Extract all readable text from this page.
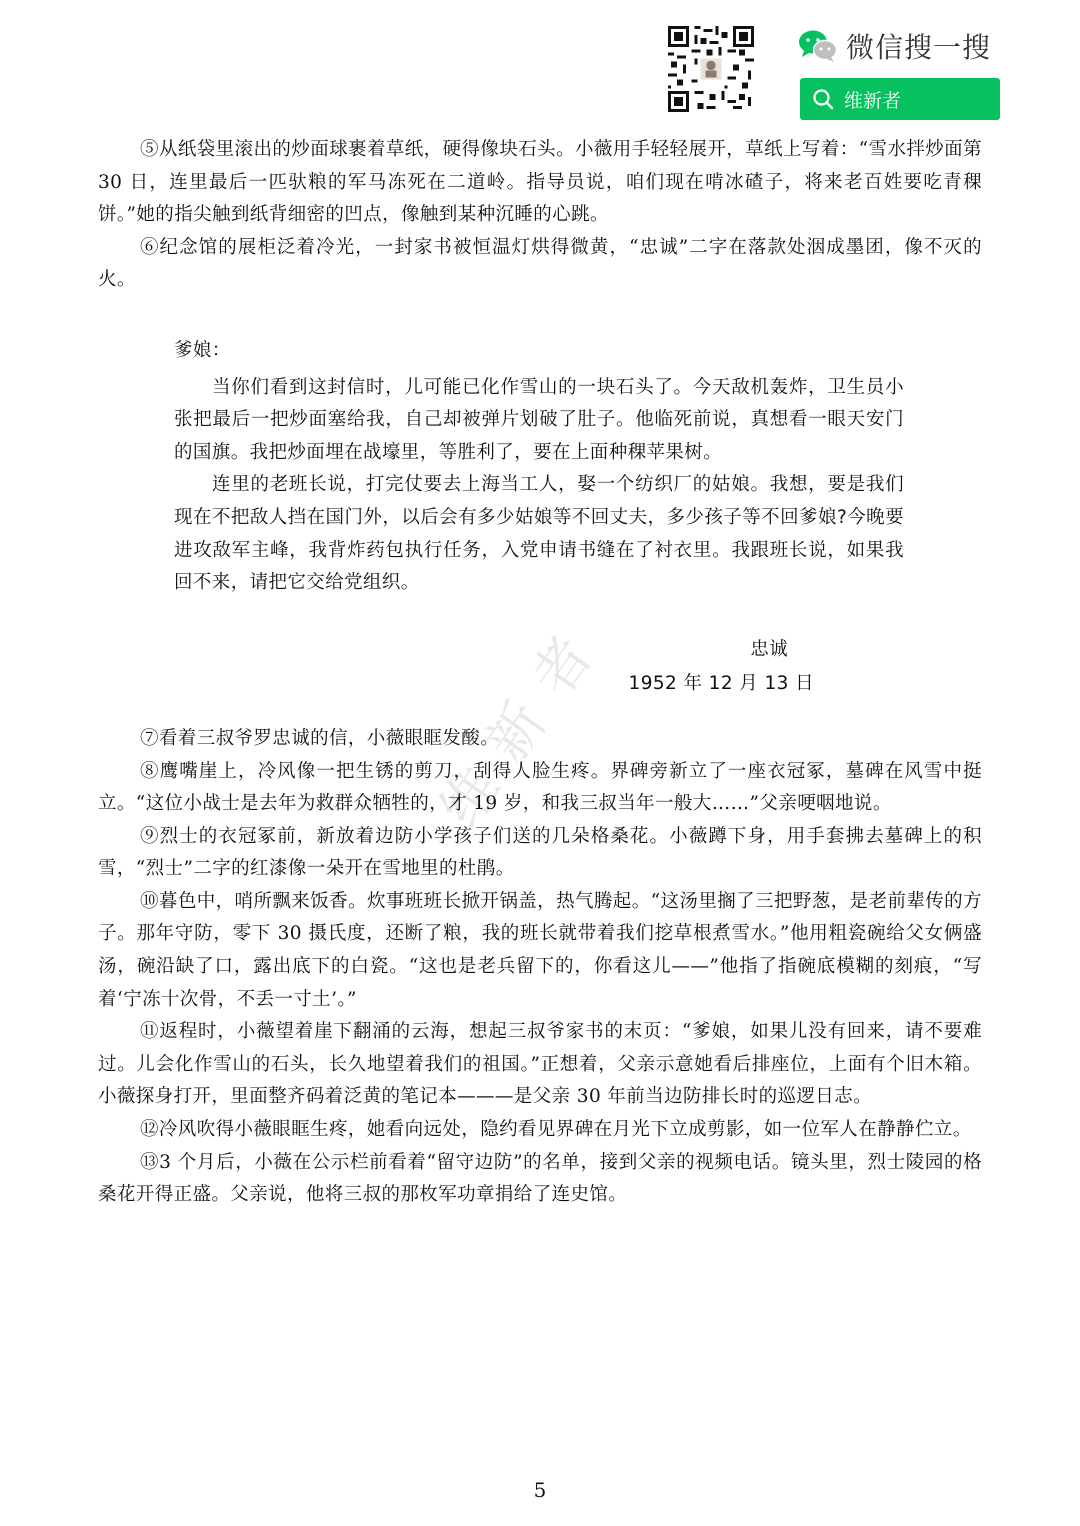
微信搜一搜
维新者

⑤从纸袋里滚出的炒面球裹着草纸，硬得像块石头。小薇用手轻轻展开，草纸上写着：“雪水拌炒面第 30 日，连里最后一匹驮粮的军马冻死在二道岭。指导员说，咱们现在啃冰碴子，将来老百姓要吃青稞饼。”她的指尖触到纸背细密的凹点，像触到某种沉睡的心跳。

⑥纪念馆的展柜泛着冷光，一封家书被恒温灯烘得微黄，“忠诚”二字在落款处洇成墨团，像不灭的火。

爹娘：

当你们看到这封信时，儿可能已化作雪山的一块石头了。今天敌机轰炸，卫生员小张把最后一把炒面塞给我，自己却被弹片划破了肚子。他临死前说，真想看一眼天安门的国旗。我把炒面埋在战壕里，等胜利了，要在上面种稞苹果树。

连里的老班长说，打完仗要去上海当工人，娶一个纺织厂的姑娘。我想，要是我们现在不把敌人挡在国门外，以后会有多少姑娘等不回丈夫，多少孩子等不回爹娘?今晚要进攻敌军主峰，我背炸药包执行任务，入党申请书缝在了衬衣里。我跟班长说，如果我回不来，请把它交给党组织。

忠诚
1952 年 12 月 13 日

⑦看着三叔爷罗忠诚的信，小薇眼眶发酸。

⑧鹰嘴崖上，冷风像一把生锈的剪刀，刮得人脸生疼。界碑旁新立了一座衣冠冢，墓碑在风雪中挺立。“这位小战士是去年为救群众牺牲的，才 19 岁，和我三叔当年一般大……”父亲哽咽地说。

⑨烈士的衣冠冢前，新放着边防小学孩子们送的几朵格桑花。小薇蹲下身，用手套拂去墓碑上的积雪，“烈士”二字的红漆像一朵开在雪地里的杜鹃。

⑩暮色中，哨所飘来饭香。炊事班班长掀开锅盖，热气腾起。“这汤里搁了三把野葱，是老前辈传的方子。那年守防，零下 30 摄氏度，还断了粮，我的班长就带着我们挖草根煮雪水。”他用粗瓷碗给父女俩盛汤，碗沿缺了口，露出底下的白瓷。“这也是老兵留下的，你看这儿——”他指了指碗底模糊的刻痕，“写着‘宁冻十次骨，不丢一寸土’。”

⑪返程时，小薇望着崖下翻涌的云海，想起三叔爷家书的末页：“爹娘，如果儿没有回来，请不要难过。儿会化作雪山的石头，长久地望着我们的祖国。”正想着，父亲示意她看后排座位，上面有个旧木箱。小薇探身打开，里面整齐码着泛黄的笔记本———是父亲 30 年前当边防排长时的巡逻日志。

⑫冷风吹得小薇眼眶生疼，她看向远处，隐约看见界碑在月光下立成剪影，如一位军人在静静伫立。

⑬3 个月后，小薇在公示栏前看着“留守边防”的名单，接到父亲的视频电话。镜头里，烈士陵园的格桑花开得正盛。父亲说，他将三叔的那枚军功章捐给了连史馆。

维新者
5
